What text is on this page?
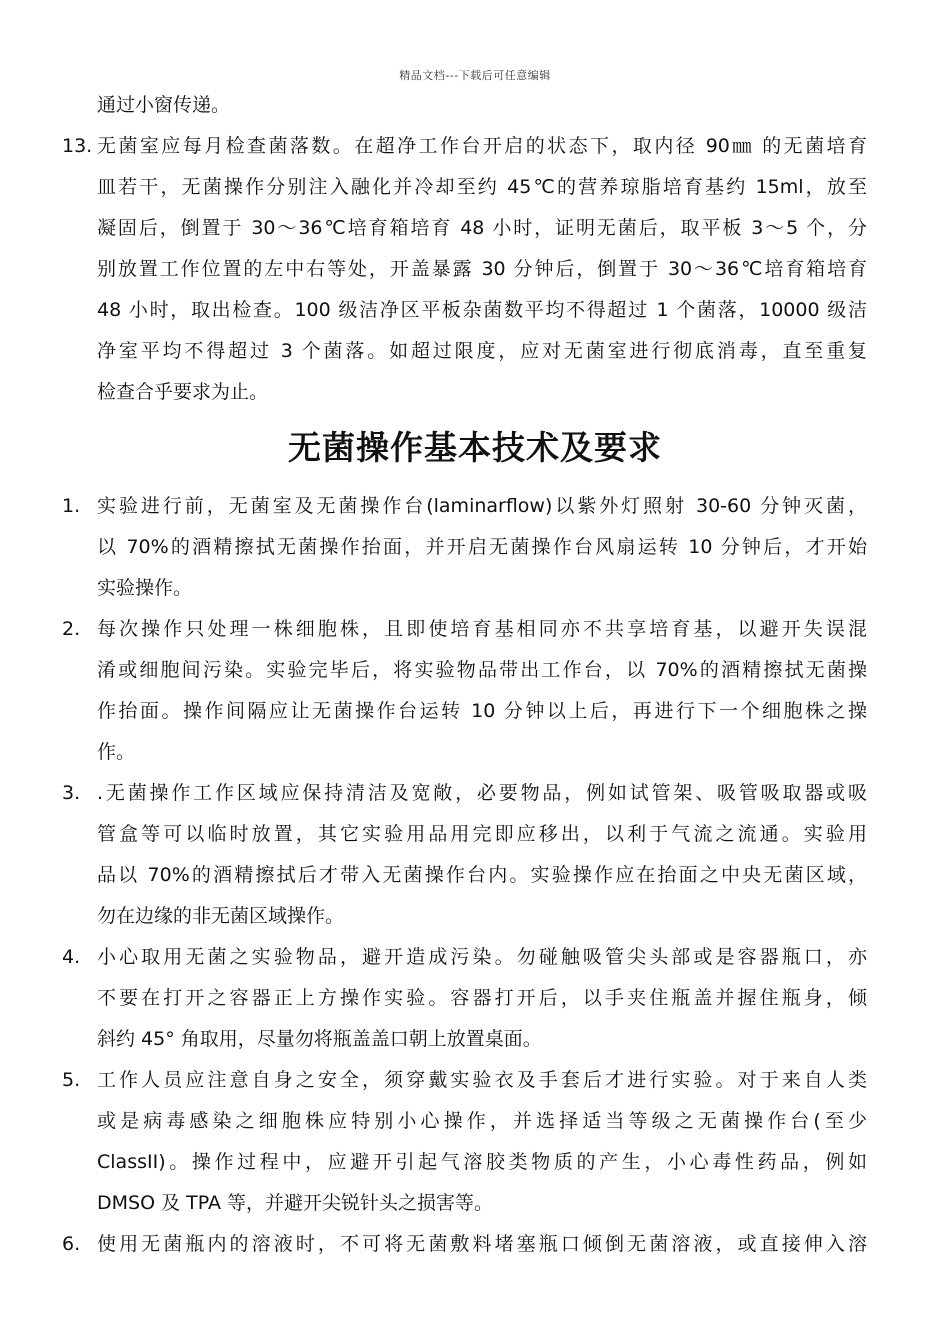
精品文档---下载后可任意编辑
通过小窗传递。
13. 无菌室应每月检查菌落数。在超净工作台开启的状态下，取内径 90㎜ 的无菌培育
皿若干，无菌操作分别注入融化并冷却至约 45℃的营养琼脂培育基约 15ml，放至
凝固后，倒置于 30～36℃培育箱培育 48 小时，证明无菌后，取平板 3～5 个，分
别放置工作位置的左中右等处，开盖暴露 30 分钟后，倒置于 30～36℃培育箱培育
48 小时，取出检查。100 级洁净区平板杂菌数平均不得超过 1 个菌落，10000 级洁
净室平均不得超过 3 个菌落。如超过限度，应对无菌室进行彻底消毒，直至重复
检查合乎要求为止。
无菌操作基本技术及要求
1. 实验进行前，无菌室及无菌操作台(laminarflow)以紫外灯照射 30-60 分钟灭菌，
以 70%的酒精擦拭无菌操作抬面，并开启无菌操作台风扇运转 10 分钟后，才开始
实验操作。
2. 每次操作只处理一株细胞株，且即使培育基相同亦不共享培育基，以避开失误混
淆或细胞间污染。实验完毕后，将实验物品带出工作台，以 70%的酒精擦拭无菌操
作抬面。操作间隔应让无菌操作台运转 10 分钟以上后，再进行下一个细胞株之操
作。
3. .无菌操作工作区域应保持清洁及宽敞，必要物品，例如试管架、吸管吸取器或吸
管盒等可以临时放置，其它实验用品用完即应移出，以利于气流之流通。实验用
品以 70%的酒精擦拭后才带入无菌操作台内。实验操作应在抬面之中央无菌区域，
勿在边缘的非无菌区域操作。
4. 小心取用无菌之实验物品，避开造成污染。勿碰触吸管尖头部或是容器瓶口，亦
不要在打开之容器正上方操作实验。容器打开后，以手夹住瓶盖并握住瓶身，倾
斜约 45° 角取用，尽量勿将瓶盖盖口朝上放置桌面。
5. 工作人员应注意自身之安全，须穿戴实验衣及手套后才进行实验。对于来自人类
或是病毒感染之细胞株应特别小心操作，并选择适当等级之无菌操作台(至少
ClassII)。操作过程中，应避开引起气溶胶类物质的产生，小心毒性药品，例如
DMSO 及 TPA 等，并避开尖锐针头之损害等。
6. 使用无菌瓶内的溶液时，不可将无菌敷料堵塞瓶口倾倒无菌溶液，或直接伸入溶
